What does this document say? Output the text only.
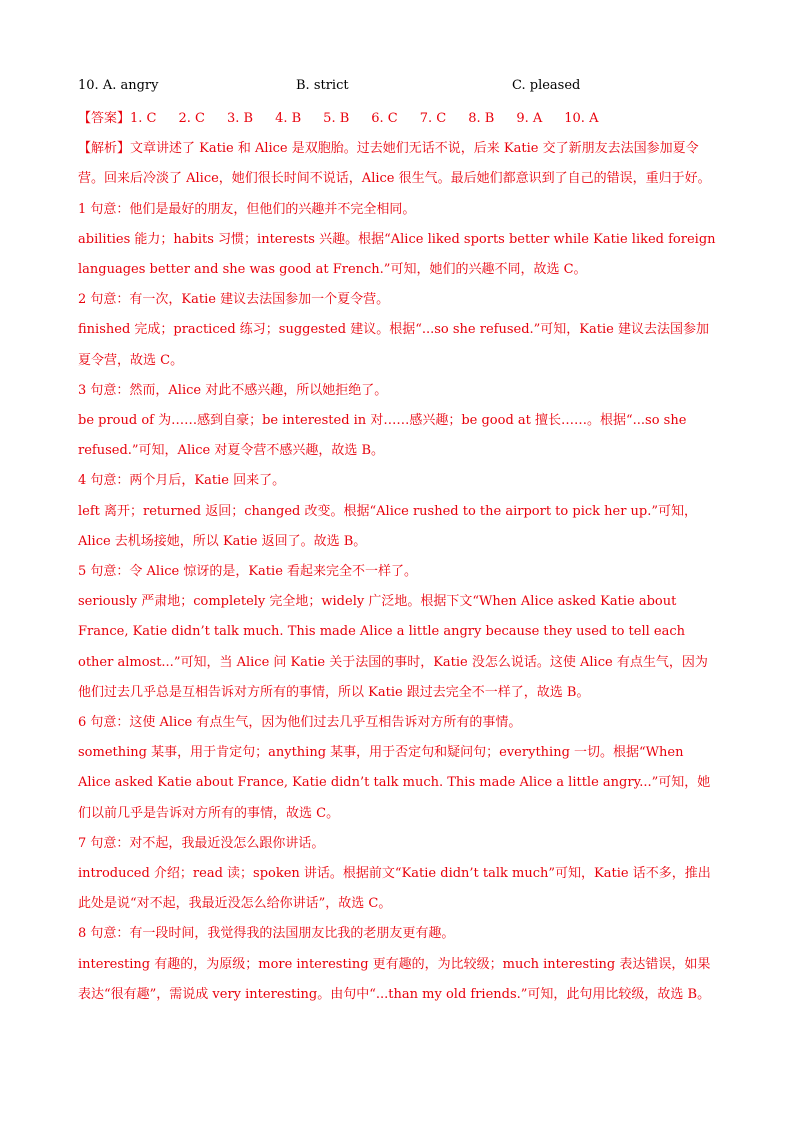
10. A. angry	B. strict	C. pleased

【答案】1. C 2. C 3. B 4. B 5. B 6. C 7. C 8. B 9. A 10. A

【解析】文章讲述了 Katie 和 Alice 是双胞胎。过去她们无话不说，后来 Katie 交了新朋友去法国参加夏令营。回来后冷淡了 Alice，她们很长时间不说话，Alice 很生气。最后她们都意识到了自己的错误，重归于好。

1 句意：他们是最好的朋友，但他们的兴趣并不完全相同。

abilities 能力；habits 习惯；interests 兴趣。根据“Alice liked sports better while Katie liked foreign languages better and she was good at French.”可知，她们的兴趣不同，故选 C。

2 句意：有一次，Katie 建议去法国参加一个夏令营。

finished 完成；practiced 练习；suggested 建议。根据“...so she refused.”可知，Katie 建议去法国参加夏令营，故选 C。

3 句意：然而，Alice 对此不感兴趣，所以她拒绝了。

be proud of 为……感到自豪；be interested in 对……感兴趣；be good at 擅长……。根据“...so she refused.”可知，Alice 对夏令营不感兴趣，故选 B。

4 句意：两个月后，Katie 回来了。

left 离开；returned 返回；changed 改变。根据“Alice rushed to the airport to pick her up.”可知，Alice 去机场接她，所以 Katie 返回了。故选 B。

5 句意：令 Alice 惊讶的是，Katie 看起来完全不一样了。

seriously 严肃地；completely 完全地；widely 广泛地。根据下文“When Alice asked Katie about France, Katie didn’t talk much. This made Alice a little angry because they used to tell each other almost...”可知，当 Alice 问 Katie 关于法国的事时，Katie 没怎么说话。这使 Alice 有点生气，因为他们过去几乎总是互相告诉对方所有的事情，所以 Katie 跟过去完全不一样了，故选 B。

6 句意：这使 Alice 有点生气，因为他们过去几乎互相告诉对方所有的事情。

something 某事，用于肯定句；anything 某事，用于否定句和疑问句；everything 一切。根据“When Alice asked Katie about France, Katie didn’t talk much. This made Alice a little angry...”可知，她们以前几乎是告诉对方所有的事情，故选 C。

7 句意：对不起，我最近没怎么跟你讲话。

introduced 介绍；read 读；spoken 讲话。根据前文“Katie didn’t talk much”可知，Katie 话不多，推出此处是说“对不起，我最近没怎么给你讲话”，故选 C。

8 句意：有一段时间，我觉得我的法国朋友比我的老朋友更有趣。

interesting 有趣的，为原级；more interesting 更有趣的，为比较级；much interesting 表达错误，如果表达“很有趣”，需说成 very interesting。由句中“...than my old friends.”可知，此句用比较级，故选 B。
